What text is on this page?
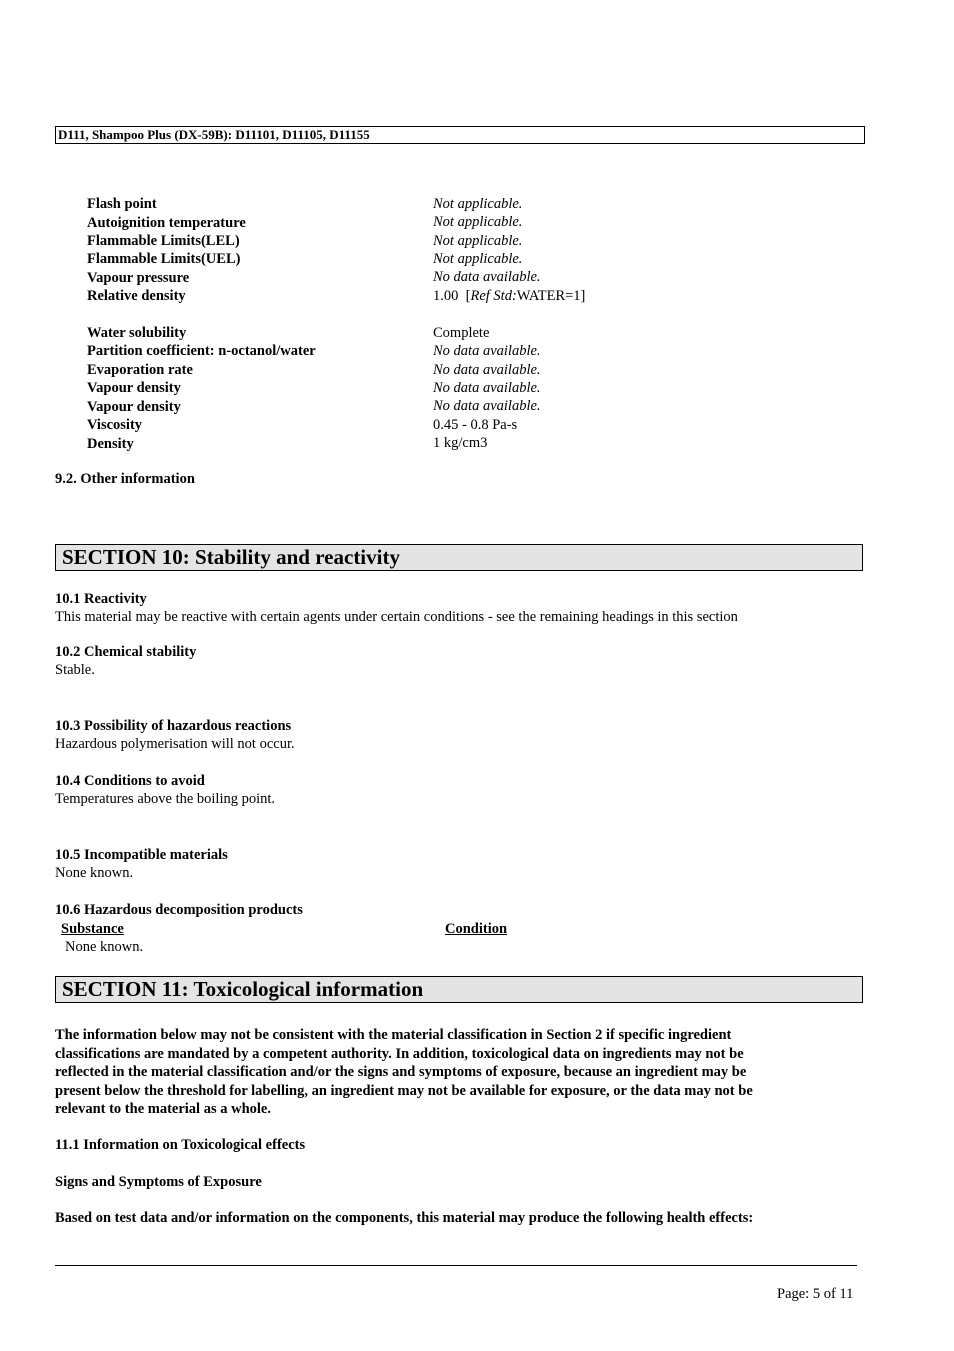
D111, Shampoo Plus (DX-59B): D11101, D11105, D11155
Flash point	Not applicable.
Autoignition temperature	Not applicable.
Flammable Limits(LEL)	Not applicable.
Flammable Limits(UEL)	Not applicable.
Vapour pressure	No data available.
Relative density	1.00 [Ref Std:WATER=1]
Water solubility	Complete
Partition coefficient: n-octanol/water	No data available.
Evaporation rate	No data available.
Vapour density	No data available.
Vapour density	No data available.
Viscosity	0.45 - 0.8 Pa-s
Density	1 kg/cm3
9.2. Other information
SECTION 10: Stability and reactivity
10.1 Reactivity
This material may be reactive with certain agents under certain conditions - see the remaining headings in this section
10.2 Chemical stability
Stable.
10.3 Possibility of hazardous reactions
Hazardous polymerisation will not occur.
10.4 Conditions to avoid
Temperatures above the boiling point.
10.5 Incompatible materials
None known.
10.6 Hazardous decomposition products
Substance	Condition
None known.
SECTION 11: Toxicological information
The information below may not be consistent with the material classification in Section 2 if specific ingredient
classifications are mandated by a competent authority. In addition, toxicological data on ingredients may not be
reflected in the material classification and/or the signs and symptoms of exposure, because an ingredient may be
present below the threshold for labelling, an ingredient may not be available for exposure, or the data may not be
relevant to the material as a whole.
11.1 Information on Toxicological effects
Signs and Symptoms of Exposure
Based on test data and/or information on the components, this material may produce the following health effects:
Page: 5 of 11
